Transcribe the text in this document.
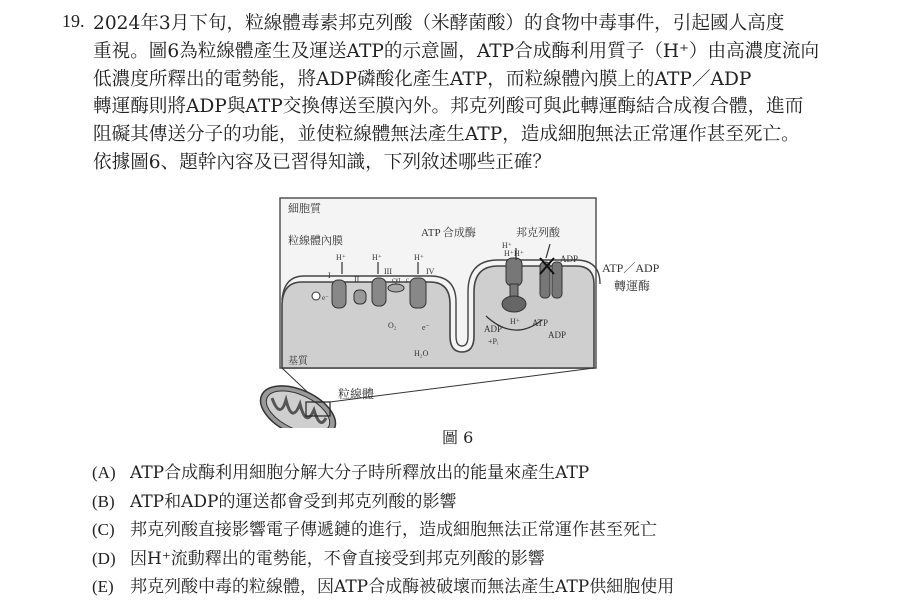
19. 2024年3月下旬，粒線體毒素邦克列酸（米酵菌酸）的食物中毒事件，引起國人高度
重視。圖6為粒線體產生及運送ATP的示意圖，ATP合成酶利用質子（H⁺）由高濃度流向
低濃度所釋出的電勢能，將ADP磷酸化產生ATP，而粒線體內膜上的ATP／ADP
轉運酶則將ADP與ATP交換傳送至膜內外。邦克列酸可與此轉運酶結合成複合體，進而
阻礙其傳送分子的功能，並使粒線體無法產生ATP，造成細胞無法正常運作甚至死亡。
依據圖6、題幹內容及已習得知識，下列敘述哪些正確？
細胞質
粒線體內膜
基質
ATP 合成酶	邦克列酸
ATP／ADP
轉運酶
I	II
III
cyt c
IV
H⁺	H⁺	H⁺	H⁺H⁺
H⁺
O₂	e⁻
e⁻
H₂O
ADP
+Pᵢ
H⁺ ATP
ADP
ADP
粒線體
圖 6
(A) ATP合成酶利用細胞分解大分子時所釋放出的能量來產生ATP
(B) ATP和ADP的運送都會受到邦克列酸的影響
(C) 邦克列酸直接影響電子傳遞鏈的進行，造成細胞無法正常運作甚至死亡
(D) 因H⁺流動釋出的電勢能，不會直接受到邦克列酸的影響
(E) 邦克列酸中毒的粒線體，因ATP合成酶被破壞而無法產生ATP供細胞使用
